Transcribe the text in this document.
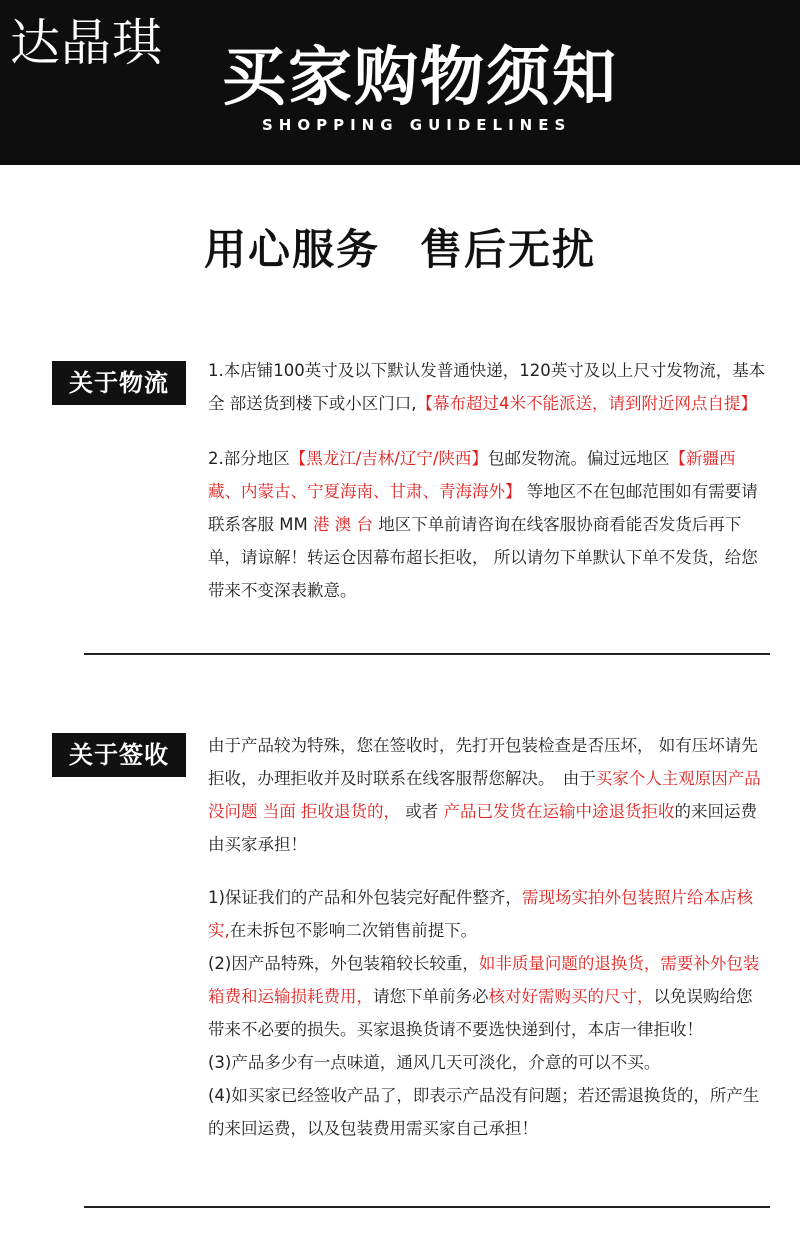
达晶琪 买家购物须知
SHOPPING GUIDELINES
用心服务 售后无扰
关于物流	1.本店铺100英寸及以下默认发普通快递，120英寸及以上尺寸发物流，基本全 部送货到楼下或小区门口,【幕布超过4米不能派送，请到附近网点自提】

2.部分地区【黑龙江/吉林/辽宁/陕西】包邮发物流。偏过远地区【新疆西藏、内蒙古、宁夏海南、甘肃、青海海外】 等地区不在包邮范围如有需要请联系客服 MM 港 澳 台 地区下单前请咨询在线客服协商看能否发货后再下单，请谅解！转运仓因幕布超长拒收， 所以请勿下单默认下单不发货，给您带来不变深表歉意。

关于签收	由于产品较为特殊，您在签收时，先打开包装检查是否压坏， 如有压坏请先拒收，办理拒收并及时联系在线客服帮您解决。　由于买家个人主观原因产品没问题 当面 拒收退货的， 或者 产品已发货在运输中途退货拒收的来回运费由买家承担！

1)保证我们的产品和外包装完好配件整齐，需现场实拍外包装照片给本店核实,在未拆包不影响二次销售前提下。

(2)因产品特殊，外包装箱较长较重，如非质量问题的退换货，需要补外包装箱费和运输损耗费用，请您下单前务必核对好需购买的尺寸，以免误购给您带来不必要的损失。买家退换货请不要选快递到付，本店一律拒收！

(3)产品多少有一点味道，通风几天可淡化，介意的可以不买。

(4)如买家已经签收产品了，即表示产品没有问题；若还需退换货的，所产生的来回运费，以及包装费用需买家自己承担！
